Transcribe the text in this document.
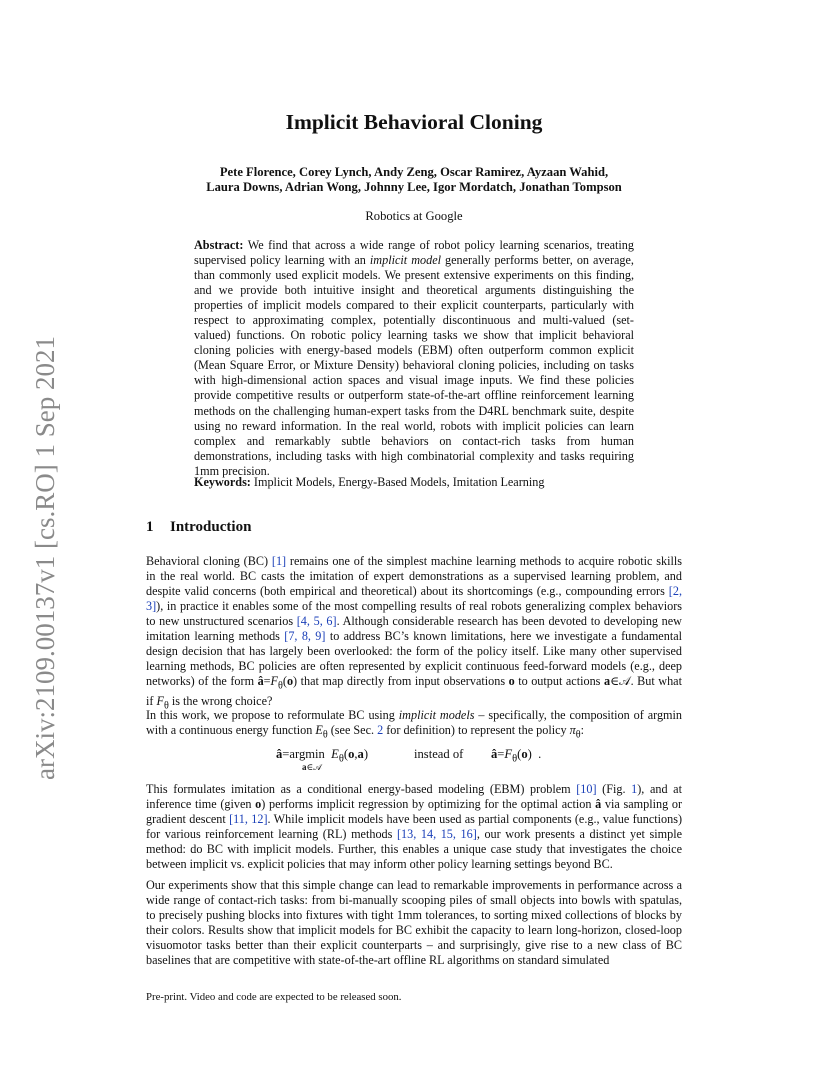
arXiv:2109.00137v1 [cs.RO] 1 Sep 2021
Implicit Behavioral Cloning
Pete Florence, Corey Lynch, Andy Zeng, Oscar Ramirez, Ayzaan Wahid,
Laura Downs, Adrian Wong, Johnny Lee, Igor Mordatch, Jonathan Tompson
Robotics at Google
Abstract: We find that across a wide range of robot policy learning scenarios, treating supervised policy learning with an implicit model generally performs better, on average, than commonly used explicit models. We present extensive experiments on this finding, and we provide both intuitive insight and theoretical arguments distinguishing the properties of implicit models compared to their explicit counterparts, particularly with respect to approximating complex, potentially discontinuous and multi-valued (set-valued) functions. On robotic policy learning tasks we show that implicit behavioral cloning policies with energy-based models (EBM) often outperform common explicit (Mean Square Error, or Mixture Density) behavioral cloning policies, including on tasks with high-dimensional action spaces and visual image inputs. We find these policies provide competitive results or outperform state-of-the-art offline reinforcement learning methods on the challenging human-expert tasks from the D4RL benchmark suite, despite using no reward information. In the real world, robots with implicit policies can learn complex and remarkably subtle behaviors on contact-rich tasks from human demonstrations, including tasks with high combinatorial complexity and tasks requiring 1mm precision.
Keywords: Implicit Models, Energy-Based Models, Imitation Learning
1 Introduction
Behavioral cloning (BC) [1] remains one of the simplest machine learning methods to acquire robotic skills in the real world. BC casts the imitation of expert demonstrations as a supervised learning problem, and despite valid concerns (both empirical and theoretical) about its shortcomings (e.g., compounding errors [2, 3]), in practice it enables some of the most compelling results of real robots generalizing complex behaviors to new unstructured scenarios [4, 5, 6]. Although considerable research has been devoted to developing new imitation learning methods [7, 8, 9] to address BC’s known limitations, here we investigate a fundamental design decision that has largely been overlooked: the form of the policy itself. Like many other supervised learning methods, BC policies are often represented by explicit continuous feed-forward models (e.g., deep networks) of the form $â=F_\theta(o)$ that map directly from input observations o to output actions a∈𝒜. But what if $F_\theta$ is the wrong choice?
In this work, we propose to reformulate BC using implicit models – specifically, the composition of argmin with a continuous energy function $E_\theta$ (see Sec. 2 for definition) to represent the policy $\pi_\theta$:
â=argmin  $E_\theta(o,a)$
a∈𝒜
instead of $â=F_\theta(o)$  .
This formulates imitation as a conditional energy-based modeling (EBM) problem [10] (Fig. 1), and at inference time (given o) performs implicit regression by optimizing for the optimal action â via sampling or gradient descent [11, 12]. While implicit models have been used as partial components (e.g., value functions) for various reinforcement learning (RL) methods [13, 14, 15, 16], our work presents a distinct yet simple method: do BC with implicit models. Further, this enables a unique case study that investigates the choice between implicit vs. explicit policies that may inform other policy learning settings beyond BC.
Our experiments show that this simple change can lead to remarkable improvements in performance across a wide range of contact-rich tasks: from bi-manually scooping piles of small objects into bowls with spatulas, to precisely pushing blocks into fixtures with tight 1mm tolerances, to sorting mixed collections of blocks by their colors. Results show that implicit models for BC exhibit the capacity to learn long-horizon, closed-loop visuomotor tasks better than their explicit counterparts – and surprisingly, give rise to a new class of BC baselines that are competitive with state-of-the-art offline RL algorithms on standard simulated
Pre-print. Video and code are expected to be released soon.
